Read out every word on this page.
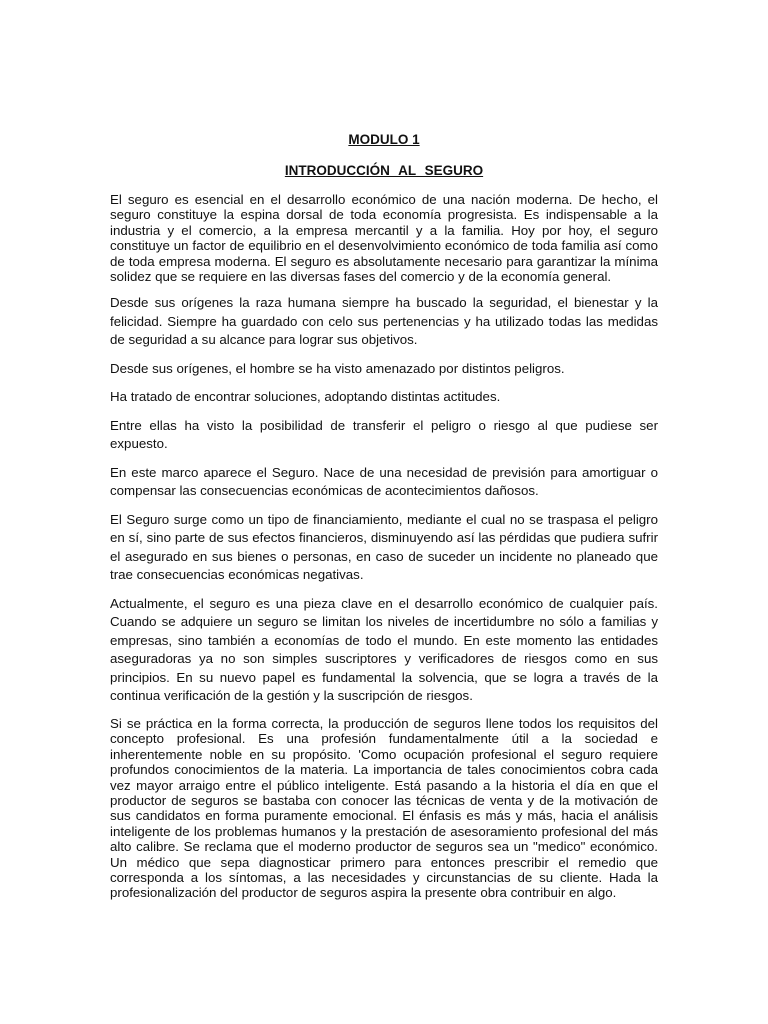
MODULO 1

INTRODUCCIÓN AL SEGURO

El seguro es esencial en el desarrollo económico de una nación moderna. De hecho, el seguro constituye la espina dorsal de toda economía progresista. Es indispensable a la industria y el comercio, a la empresa mercantil y a la familia. Hoy por hoy, el seguro constituye un factor de equilibrio en el desenvolvimiento económico de toda familia así como de toda empresa moderna. El seguro es absolutamente necesario para garantizar la mínima solidez que se requiere en las diversas fases del comercio y de la economía general.

Desde sus orígenes la raza humana siempre ha buscado la seguridad, el bienestar y la felicidad. Siempre ha guardado con celo sus pertenencias y ha utilizado todas las medidas de seguridad a su alcance para lograr sus objetivos.

Desde sus orígenes, el hombre se ha visto amenazado por distintos peligros.

Ha tratado de encontrar soluciones, adoptando distintas actitudes.

Entre ellas ha visto la posibilidad de transferir el peligro o riesgo al que pudiese ser expuesto.

En este marco aparece el Seguro. Nace de una necesidad de previsión para amortiguar o compensar las consecuencias económicas de acontecimientos dañosos.

El Seguro surge como un tipo de financiamiento, mediante el cual no se traspasa el peligro en sí, sino parte de sus efectos financieros, disminuyendo así las pérdidas que pudiera sufrir el asegurado en sus bienes o personas, en caso de suceder un incidente no planeado que trae consecuencias económicas negativas.

Actualmente, el seguro es una pieza clave en el desarrollo económico de cualquier país. Cuando se adquiere un seguro se limitan los niveles de incertidumbre no sólo a familias y empresas, sino también a economías de todo el mundo. En este momento las entidades aseguradoras ya no son simples suscriptores y verificadores de riesgos como en sus principios. En su nuevo papel es fundamental la solvencia, que se logra a través de la continua verificación de la gestión y la suscripción de riesgos.

Si se práctica en la forma correcta, la producción de seguros llene todos los requisitos del concepto profesional. Es una profesión fundamentalmente útil a la sociedad e inherentemente noble en su propósito. 'Como ocupación profesional el seguro requiere profundos conocimientos de la materia. La importancia de tales conocimientos cobra cada vez mayor arraigo entre el público inteligente. Está pasando a la historia el día en que el productor de seguros se bastaba con conocer las técnicas de venta y de la motivación de sus candidatos en forma puramente emocional. El énfasis es más y más, hacia el análisis inteligente de los problemas humanos y la prestación de asesoramiento profesional del más alto calibre. Se reclama que el moderno productor de seguros sea un "medico" económico. Un médico que sepa diagnosticar primero para entonces prescribir el remedio que corresponda a los síntomas, a las necesidades y circunstancias de su cliente. Hada la profesionalización del productor de seguros aspira la presente obra contribuir en algo.
